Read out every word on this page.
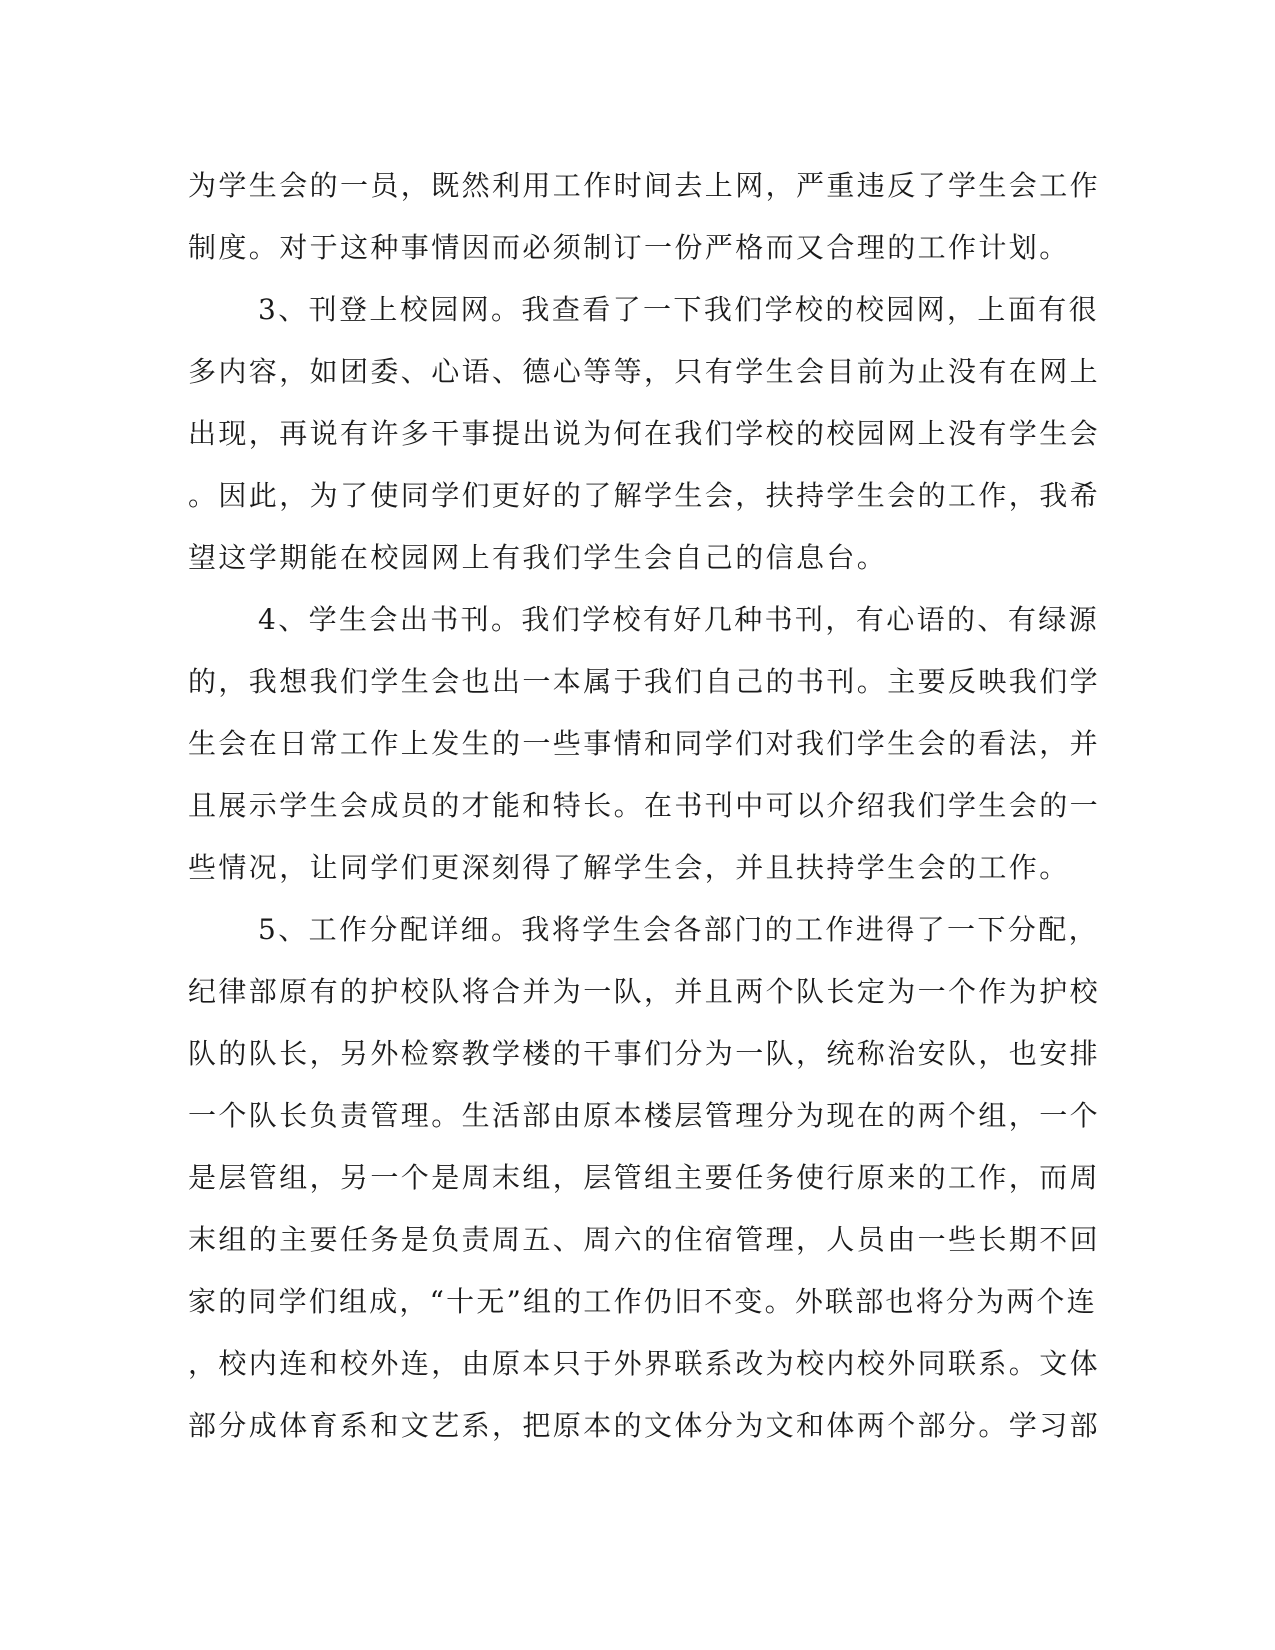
为学生会的一员，既然利用工作时间去上网，严重违反了学生会工作
制度。对于这种事情因而必须制订一份严格而又合理的工作计划。
3、刊登上校园网。我查看了一下我们学校的校园网，上面有很
多内容，如团委、心语、德心等等，只有学生会目前为止没有在网上
出现，再说有许多干事提出说为何在我们学校的校园网上没有学生会
。因此，为了使同学们更好的了解学生会，扶持学生会的工作，我希
望这学期能在校园网上有我们学生会自己的信息台。
4、学生会出书刊。我们学校有好几种书刊，有心语的、有绿源
的，我想我们学生会也出一本属于我们自己的书刊。主要反映我们学
生会在日常工作上发生的一些事情和同学们对我们学生会的看法，并
且展示学生会成员的才能和特长。在书刊中可以介绍我们学生会的一
些情况，让同学们更深刻得了解学生会，并且扶持学生会的工作。
5、工作分配详细。我将学生会各部门的工作进得了一下分配，
纪律部原有的护校队将合并为一队，并且两个队长定为一个作为护校
队的队长，另外检察教学楼的干事们分为一队，统称治安队，也安排
一个队长负责管理。生活部由原本楼层管理分为现在的两个组，一个
是层管组，另一个是周末组，层管组主要任务使行原来的工作，而周
末组的主要任务是负责周五、周六的住宿管理，人员由一些长期不回
家的同学们组成，“十无”组的工作仍旧不变。外联部也将分为两个连
，校内连和校外连，由原本只于外界联系改为校内校外同联系。文体
部分成体育系和文艺系，把原本的文体分为文和体两个部分。学习部
